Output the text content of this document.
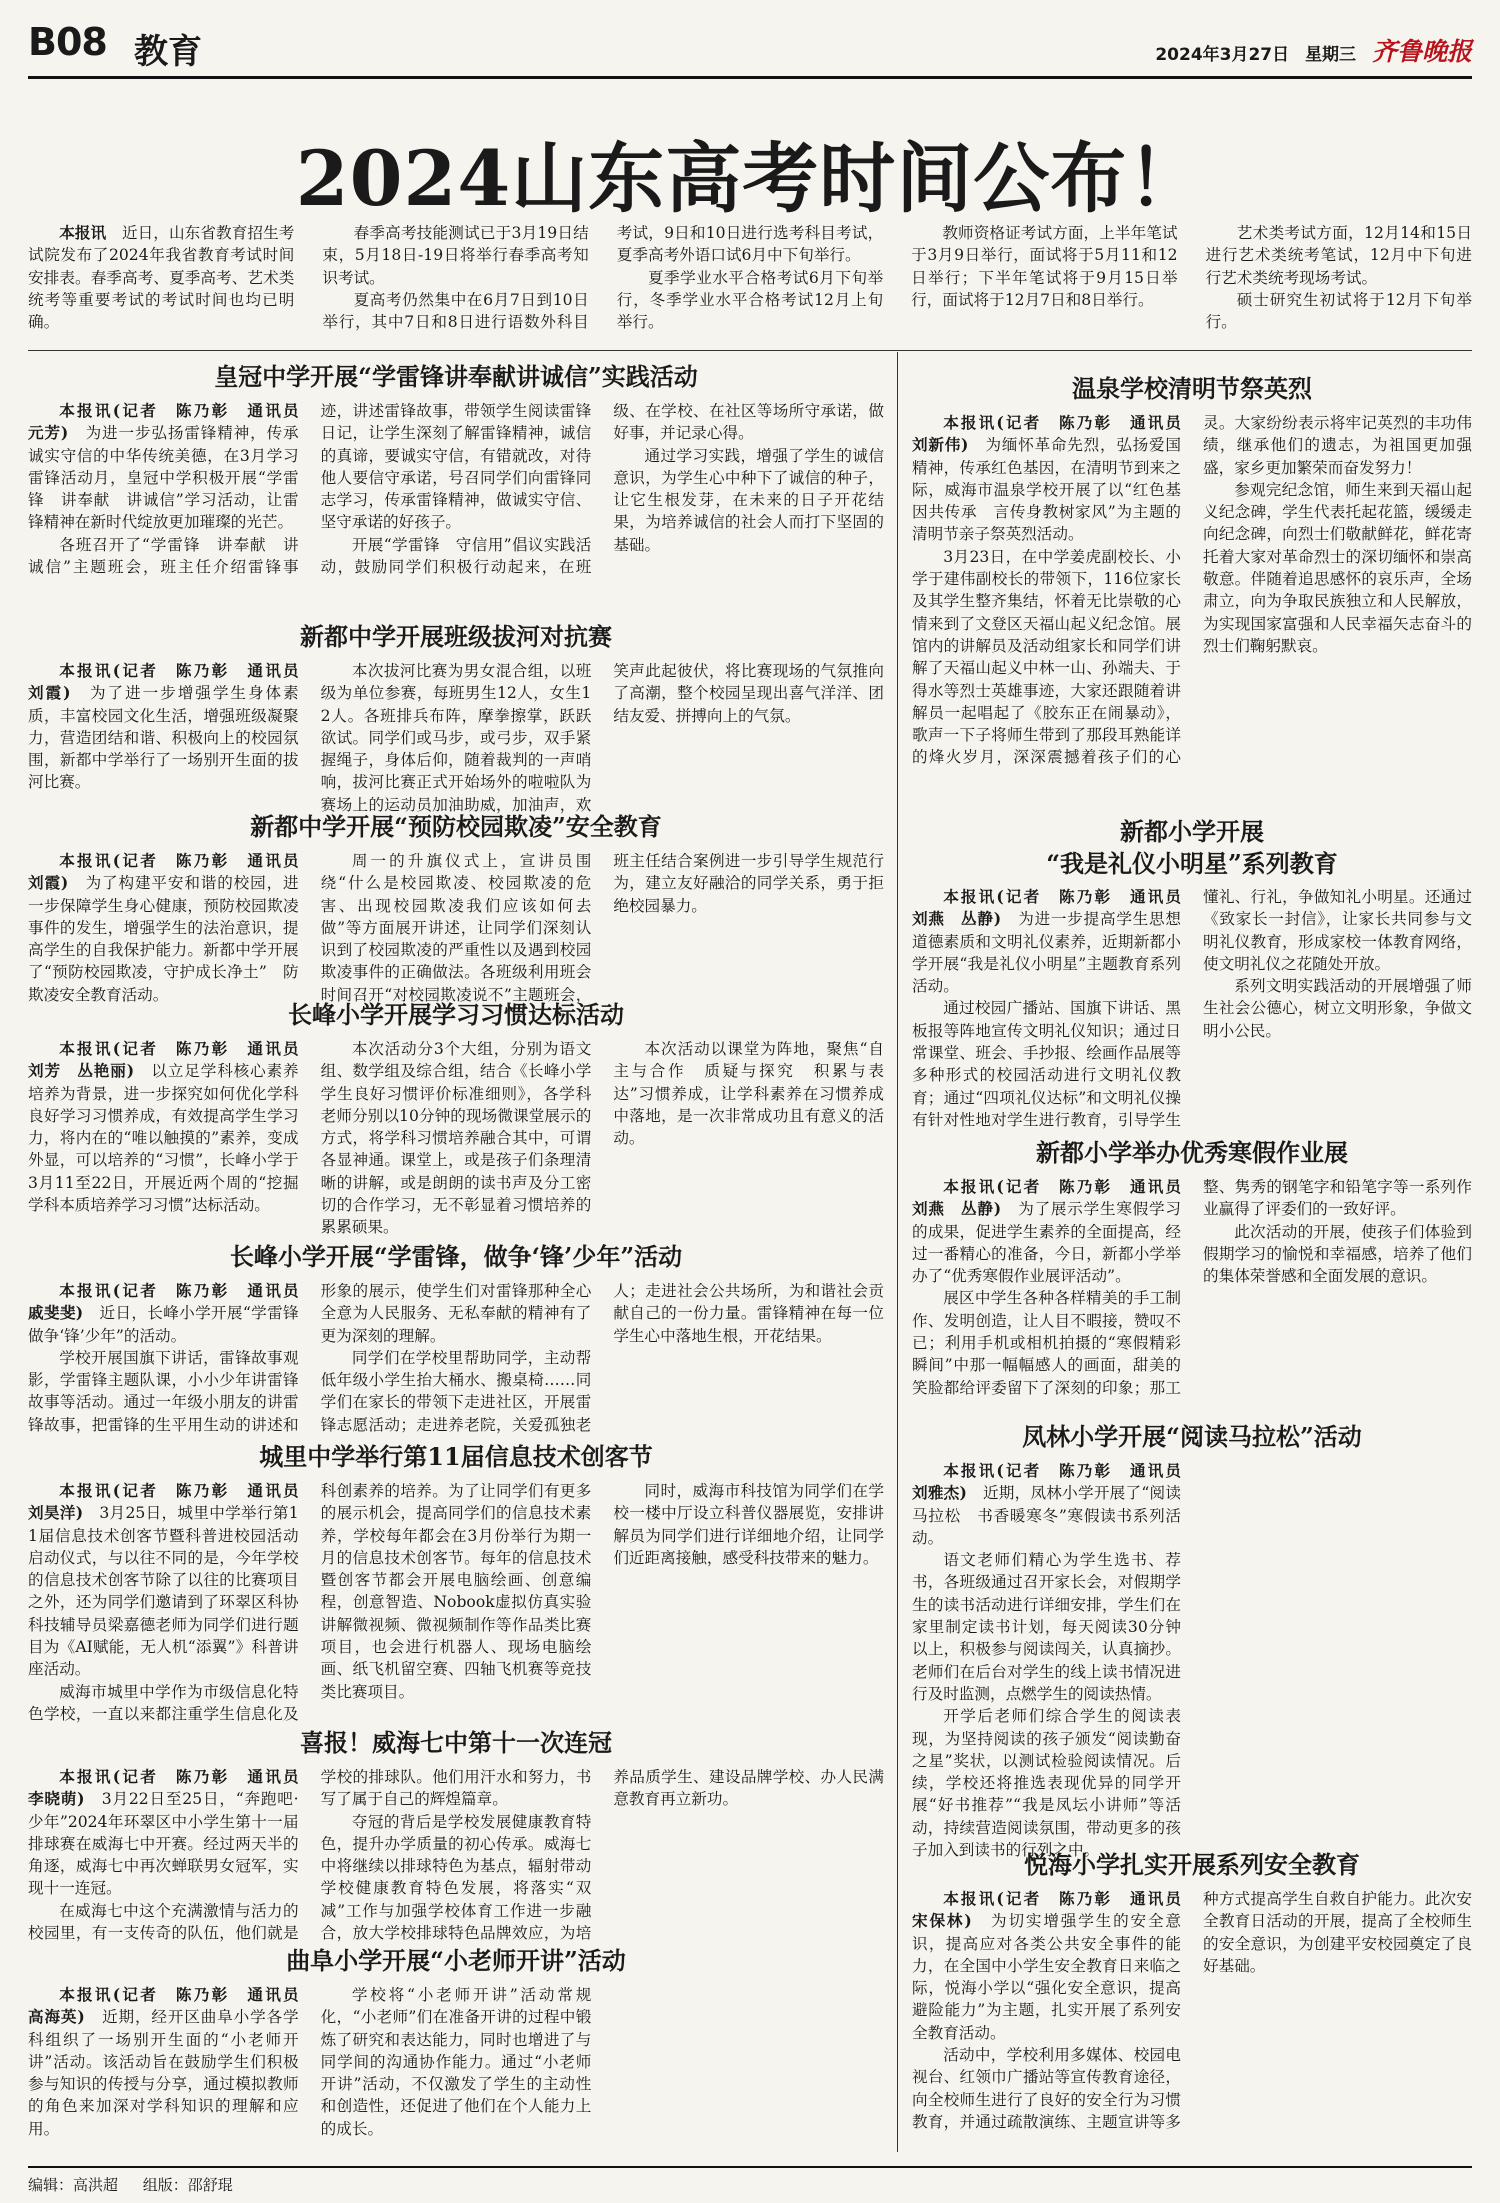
B08 教育	2024年3月27日 星期三 齐鲁晚报
2024山东高考时间公布！

本报讯　 近日，山东省教育招生考试院发布了2024年我省教育考试时间安排表。春季高考、夏季高考、艺术类统考等重要考试的考试时间也均已明确。

春季高考技能测试已于3月19日结束，5月18日-19日将举行春季高考知识考试。

夏高考仍然集中在6月7日到10日举行，其中7日和8日进行语数外科目考试，9日和10日进行选考科目考试，夏季高考外语口试6月中下旬举行。

夏季学业水平合格考试6月下旬举行，冬季学业水平合格考试12月上旬举行。

教师资格证考试方面，上半年笔试于3月9日举行，面试将于5月11和12日举行；下半年笔试将于9月15日举行，面试将于12月7日和8日举行。

艺术类考试方面，12月14和15日进行艺术类统考笔试，12月中下旬进行艺术类统考现场考试。

硕士研究生初试将于12月下旬举行。

皇冠中学开展“学雷锋讲奉献讲诚信”实践活动

本报讯(记者　陈乃彰　通讯员　元芳)　 为进一步弘扬雷锋精神，传承诚实守信的中华传统美德，在3月学习雷锋活动月，皇冠中学积极开展“学雷锋　讲奉献　讲诚信”学习活动，让雷锋精神在新时代绽放更加璀璨的光芒。

各班召开了“学雷锋　讲奉献　讲诚信”主题班会，班主任介绍雷锋事迹，讲述雷锋故事，带领学生阅读雷锋日记，让学生深刻了解雷锋精神，诚信的真谛，要诚实守信，有错就改，对待他人要信守承诺，号召同学们向雷锋同志学习，传承雷锋精神，做诚实守信、坚守承诺的好孩子。

开展“学雷锋　守信用”倡议实践活动，鼓励同学们积极行动起来，在班级、在学校、在社区等场所守承诺，做好事，并记录心得。

通过学习实践，增强了学生的诚信意识，为学生心中种下了诚信的种子，让它生根发芽，在未来的日子开花结果，为培养诚信的社会人而打下坚固的基础。

新都中学开展班级拔河对抗赛

本报讯(记者　陈乃彰　通讯员　刘霞)　 为了进一步增强学生身体素质，丰富校园文化生活，增强班级凝聚力，营造团结和谐、积极向上的校园氛围，新都中学举行了一场别开生面的拔河比赛。

本次拔河比赛为男女混合组，以班级为单位参赛，每班男生12人，女生12人。各班排兵布阵，摩拳擦掌，跃跃欲试。同学们或马步，或弓步，双手紧握绳子，身体后仰，随着裁判的一声哨响，拔河比赛正式开始场外的啦啦队为赛场上的运动员加油助威，加油声，欢笑声此起彼伏，将比赛现场的气氛推向了高潮，整个校园呈现出喜气洋洋、团结友爱、拼搏向上的气氛。

新都中学开展“预防校园欺凌”安全教育

本报讯(记者　陈乃彰　通讯员　刘霞)　 为了构建平安和谐的校园，进一步保障学生身心健康，预防校园欺凌事件的发生，增强学生的法治意识，提高学生的自我保护能力。新都中学开展了“预防校园欺凌，守护成长净土”　防欺凌安全教育活动。

周一的升旗仪式上，宣讲员围绕“什么是校园欺凌、校园欺凌的危害、出现校园欺凌我们应该如何去做”等方面展开讲述，让同学们深刻认识到了校园欺凌的严重性以及遇到校园欺凌事件的正确做法。各班级利用班会时间召开“对校园欺凌说不”主题班会，班主任结合案例进一步引导学生规范行为，建立友好融洽的同学关系，勇于拒绝校园暴力。

长峰小学开展学习习惯达标活动

本报讯(记者　陈乃彰　通讯员　刘芳　丛艳丽)　 以立足学科核心素养培养为背景，进一步探究如何优化学科良好学习习惯养成，有效提高学生学习力，将内在的“唯以触摸的”素养，变成外显，可以培养的“习惯”，长峰小学于3月11至22日，开展近两个周的“挖掘学科本质培养学习习惯”达标活动。

本次活动分3个大组，分别为语文组、数学组及综合组，结合《长峰小学学生良好习惯评价标准细则》，各学科老师分别以10分钟的现场微课堂展示的方式，将学科习惯培养融合其中，可谓各显神通。课堂上，或是孩子们条理清晰的讲解，或是朗朗的读书声及分工密切的合作学习，无不彰显着习惯培养的累累硕果。

本次活动以课堂为阵地，聚焦“自主与合作　质疑与探究　积累与表达”习惯养成，让学科素养在习惯养成中落地，是一次非常成功且有意义的活动。

长峰小学开展“学雷锋，做争‘锋’少年”活动

本报讯(记者　陈乃彰　通讯员　戚斐斐)　 近日，长峰小学开展“学雷锋做争‘锋’少年”的活动。

学校开展国旗下讲话，雷锋故事观影，学雷锋主题队课，小小少年讲雷锋故事等活动。通过一年级小朋友的讲雷锋故事，把雷锋的生平用生动的讲述和形象的展示，使学生们对雷锋那种全心全意为人民服务、无私奉献的精神有了更为深刻的理解。

同学们在学校里帮助同学，主动帮低年级小学生抬大桶水、搬桌椅……同学们在家长的带领下走进社区，开展雷锋志愿活动；走进养老院，关爱孤独老人；走进社会公共场所，为和谐社会贡献自己的一份力量。雷锋精神在每一位学生心中落地生根，开花结果。

城里中学举行第11届信息技术创客节

本报讯(记者　陈乃彰　通讯员　刘昊洋)　 3月25日，城里中学举行第11届信息技术创客节暨科普进校园活动启动仪式，与以往不同的是，今年学校的信息技术创客节除了以往的比赛项目之外，还为同学们邀请到了环翠区科协科技辅导员梁嘉德老师为同学们进行题目为《AI赋能，无人机“添翼”》科普讲座活动。

威海市城里中学作为市级信息化特色学校，一直以来都注重学生信息化及科创素养的培养。为了让同学们有更多的展示机会，提高同学们的信息技术素养，学校每年都会在3月份举行为期一月的信息技术创客节。每年的信息技术暨创客节都会开展电脑绘画、创意编程，创意智造、Nobook虚拟仿真实验讲解微视频、微视频制作等作品类比赛项目，也会进行机器人、现场电脑绘画、纸飞机留空赛、四轴飞机赛等竞技类比赛项目。

同时，威海市科技馆为同学们在学校一楼中厅设立科普仪器展览，安排讲解员为同学们进行详细地介绍，让同学们近距离接触，感受科技带来的魅力。

喜报！威海七中第十一次连冠

本报讯(记者　陈乃彰　通讯员　李晓萌)　 3月22日至25日，“奔跑吧·少年”2024年环翠区中小学生第十一届排球赛在威海七中开赛。经过两天半的角逐，威海七中再次蝉联男女冠军，实现十一连冠。

在威海七中这个充满激情与活力的校园里，有一支传奇的队伍，他们就是学校的排球队。他们用汗水和努力，书写了属于自己的辉煌篇章。

夺冠的背后是学校发展健康教育特色，提升办学质量的初心传承。威海七中将继续以排球特色为基点，辐射带动学校健康教育特色发展，将落实“双减”工作与加强学校体育工作进一步融合，放大学校排球特色品牌效应，为培养品质学生、建设品牌学校、办人民满意教育再立新功。

曲阜小学开展“小老师开讲”活动

本报讯(记者　陈乃彰　通讯员　高海英)　 近期，经开区曲阜小学各学科组织了一场别开生面的“小老师开讲”活动。该活动旨在鼓励学生们积极参与知识的传授与分享，通过模拟教师的角色来加深对学科知识的理解和应用。

学校将“小老师开讲”活动常规化，“小老师”们在准备开讲的过程中锻炼了研究和表达能力，同时也增进了与同学间的沟通协作能力。通过“小老师开讲”活动，不仅激发了学生的主动性和创造性，还促进了他们在个人能力上的成长。

温泉学校清明节祭英烈

本报讯(记者　陈乃彰　通讯员　刘新伟)　 为缅怀革命先烈，弘扬爱国精神，传承红色基因，在清明节到来之际，威海市温泉学校开展了以“红色基因共传承　言传身教树家风”为主题的清明节亲子祭英烈活动。

3月23日，在中学姜虎副校长、小学于建伟副校长的带领下，116位家长及其学生整齐集结，怀着无比崇敬的心情来到了文登区天福山起义纪念馆。展馆内的讲解员及活动组家长和同学们讲解了天福山起义中林一山、孙端夫、于得水等烈士英雄事迹，大家还跟随着讲解员一起唱起了《胶东正在闹暴动》，歌声一下子将师生带到了那段耳熟能详的烽火岁月，深深震撼着孩子们的心灵。大家纷纷表示将牢记英烈的丰功伟绩，继承他们的遗志，为祖国更加强盛，家乡更加繁荣而奋发努力！

参观完纪念馆，师生来到天福山起义纪念碑，学生代表托起花篮，缓缓走向纪念碑，向烈士们敬献鲜花，鲜花寄托着大家对革命烈士的深切缅怀和崇高敬意。伴随着追思感怀的哀乐声，全场肃立，向为争取民族独立和人民解放，为实现国家富强和人民幸福矢志奋斗的烈士们鞠躬默哀。

新都小学开展
“我是礼仪小明星”系列教育

本报讯(记者　陈乃彰　通讯员　刘燕　丛静)　 为进一步提高学生思想道德素质和文明礼仪素养，近期新都小学开展“我是礼仪小明星”主题教育系列活动。

通过校园广播站、国旗下讲话、黑板报等阵地宣传文明礼仪知识；通过日常课堂、班会、手抄报、绘画作品展等多种形式的校园活动进行文明礼仪教育；通过“四项礼仪达标”和文明礼仪操有针对性地对学生进行教育，引导学生懂礼、行礼，争做知礼小明星。还通过《致家长一封信》，让家长共同参与文明礼仪教育，形成家校一体教育网络，使文明礼仪之花随处开放。

系列文明实践活动的开展增强了师生社会公德心，树立文明形象，争做文明小公民。

新都小学举办优秀寒假作业展

本报讯(记者　陈乃彰　通讯员　刘燕　丛静)　 为了展示学生寒假学习的成果，促进学生素养的全面提高，经过一番精心的准备，今日，新都小学举办了“优秀寒假作业展评活动”。

展区中学生各种各样精美的手工制作、发明创造，让人目不暇接，赞叹不已；利用手机或相机拍摄的“寒假精彩瞬间”中那一幅幅感人的画面，甜美的笑脸都给评委留下了深刻的印象；那工整、隽秀的钢笔字和铅笔字等一系列作业赢得了评委们的一致好评。

此次活动的开展，使孩子们体验到假期学习的愉悦和幸福感，培养了他们的集体荣誉感和全面发展的意识。

凤林小学开展“阅读马拉松”活动

本报讯(记者　陈乃彰　通讯员　刘雅杰)　 近期，凤林小学开展了“阅读马拉松　书香暖寒冬”寒假读书系列活动。

语文老师们精心为学生选书、荐书，各班级通过召开家长会，对假期学生的读书活动进行详细安排，学生们在家里制定读书计划，每天阅读30分钟以上，积极参与阅读闯关，认真摘抄。老师们在后台对学生的线上读书情况进行及时监测，点燃学生的阅读热情。

开学后老师们综合学生的阅读表现，为坚持阅读的孩子颁发“阅读勤奋之星”奖状，以测试检验阅读情况。后续，学校还将推选表现优异的同学开展“好书推荐”“我是凤坛小讲师”等活动，持续营造阅读氛围，带动更多的孩子加入到读书的行列之中。

悦海小学扎实开展系列安全教育

本报讯(记者　陈乃彰　通讯员　宋保林)　 为切实增强学生的安全意识，提高应对各类公共安全事件的能力，在全国中小学生安全教育日来临之际，悦海小学以“强化安全意识，提高避险能力”为主题，扎实开展了系列安全教育活动。

活动中，学校利用多媒体、校园电视台、红领巾广播站等宣传教育途径，向全校师生进行了良好的安全行为习惯教育，并通过疏散演练、主题宣讲等多种方式提高学生自救自护能力。此次安全教育日活动的开展，提高了全校师生的安全意识，为创建平安校园奠定了良好基础。

编辑：高洪超 组版：邵舒琨
